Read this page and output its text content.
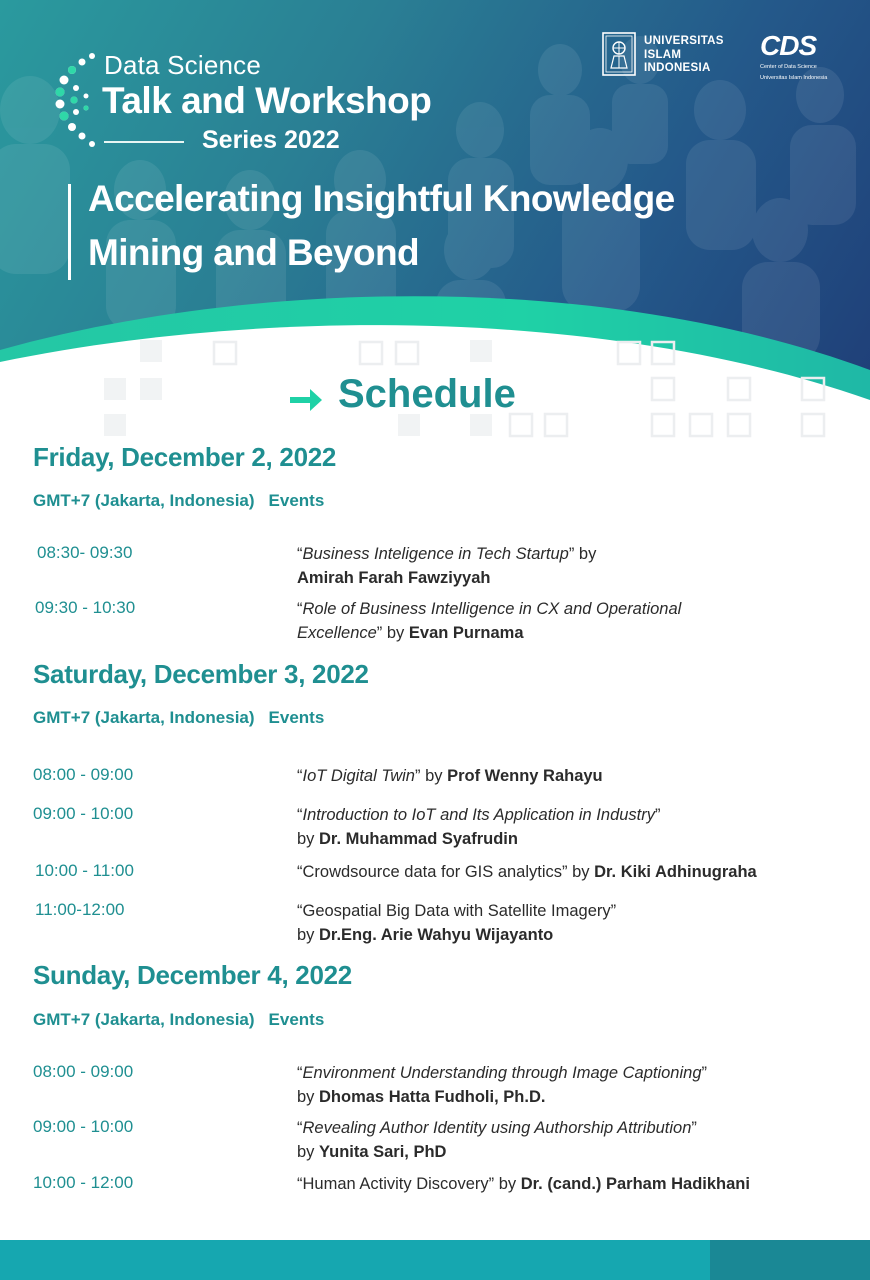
Data Science
Talk and Workshop
Series 2022
Accelerating Insightful Knowledge
Mining and Beyond
UNIVERSITAS
ISLAM
INDONESIA
CDS
Center of Data Science
Universitas Islam Indonesia
Schedule
Friday, December 2, 2022
GMT+7 (Jakarta, Indonesia) Events
08:30- 09:30	“Business Inteligence in Tech Startup” by
Amirah Farah Fawziyyah
09:30 - 10:30	“Role of Business Intelligence in CX and Operational
Excellence” by Evan Purnama
Saturday, December 3, 2022
GMT+7 (Jakarta, Indonesia) Events
08:00 - 09:00	“IoT Digital Twin” by Prof Wenny Rahayu
09:00 - 10:00	“Introduction to IoT and Its Application in Industry”
by Dr. Muhammad Syafrudin
10:00 - 11:00	“Crowdsource data for GIS analytics” by Dr. Kiki Adhinugraha
11:00-12:00	“Geospatial Big Data with Satellite Imagery”
by Dr.Eng. Arie Wahyu Wijayanto
Sunday, December 4, 2022
GMT+7 (Jakarta, Indonesia) Events
08:00 - 09:00	“Environment Understanding through Image Captioning”
by Dhomas Hatta Fudholi, Ph.D.
09:00 - 10:00	“Revealing Author Identity using Authorship Attribution”
by Yunita Sari, PhD
10:00 - 12:00	“Human Activity Discovery” by Dr. (cand.) Parham Hadikhani
